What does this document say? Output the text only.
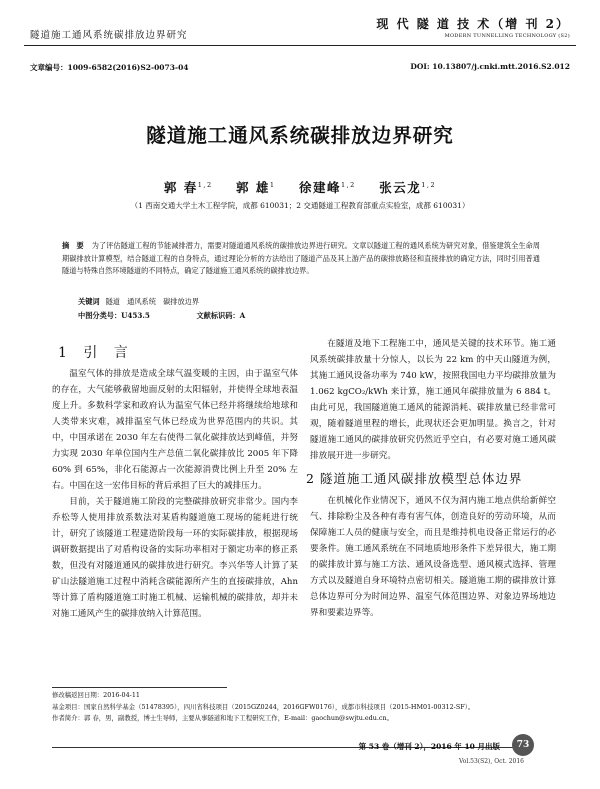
隧道施工通风系统碳排放边界研究
现 代 隧 道 技 术（增 刊 2）
MODERN TUNNELLING TECHNOLOGY (S2)
文章编号：1009-6582(2016)S2-0073-04	DOI: 10.13807/j.cnki.mtt.2016.S2.012
隧道施工通风系统碳排放边界研究
郭 春$^{1,2}$ 郭 雄$^1$ 徐建峰$^{1,2}$ 张云龙$^{1,2}$
（1 西南交通大学土木工程学院，成都 610031；2 交通隧道工程教育部重点实验室，成都 610031）
摘　要 为了评估隧道工程的节能减排潜力，需要对隧道通风系统的碳排放边界进行研究。文章以隧道工程的通风系统为研究对象，借鉴建筑全生命周期碳排放计算模型，结合隧道工程的自身特点，通过理论分析的方法给出了隧道产品及其上游产品的碳排放路径和直接排放的确定方法，同时引用普通隧道与特殊自然环境隧道的不同特点，确定了隧道施工通风系统的碳排放边界。
关键词 隧道　通风系统　碳排放边界
中图分类号：U453.5	文献标识码：A
1 引 言

温室气体的排放是造成全球气温变暖的主因，由于温室气体的存在，大气能够截留地面反射的太阳辐射，并使得全球地表温度上升。多数科学家和政府认为温室气体已经并将继续给地球和人类带来灾难，减排温室气体已经成为世界范围内的共识。其中，中国承诺在 2030 年左右使得二氧化碳排放达到峰值，并努力实现 2030 年单位国内生产总值二氧化碳排放比 2005 年下降 60% 到 65%，非化石能源占一次能源消费比例上升至 20% 左右。中国在这一宏伟目标的背后承担了巨大的减排压力。

目前，关于隧道施工阶段的完整碳排放研究非常少。国内李乔松等人使用排放系数法对某盾构隧道施工现场的能耗进行统计，研究了该隧道工程建造阶段每一环的实际碳排放，根据现场调研数据提出了对盾构设备的实际功率相对于额定功率的修正系数，但没有对隧道通风的碳排放进行研究。李兴华等人计算了某矿山法隧道施工过程中消耗含碳能源所产生的直接碳排放，Ahn 等计算了盾构隧道施工时施工机械、运输机械的碳排放，却并未对施工通风产生的碳排放纳入计算范围。

在隧道及地下工程施工中，通风是关键的技术环节。施工通风系统碳排放量十分惊人，以长为 22 km 的中天山隧道为例，其施工通风设备功率为 740 kW，按照我国电力平均碳排放量为 1.062 kgCO₂/kWh 来计算，施工通风年碳排放量为 6 884 t。由此可见，我国隧道施工通风的能源消耗、碳排放量已经非常可观，随着隧道里程的增长，此现状还会更加明显。换言之，针对隧道施工通风的碳排放研究仍然近乎空白，有必要对施工通风碳排放展开进一步研究。

2 隧道施工通风碳排放模型总体边界

在机械化作业情况下，通风不仅为洞内施工地点供给新鲜空气、排除粉尘及各种有毒有害气体，创造良好的劳动环境，从而保障施工人员的健康与安全，而且是维持机电设备正常运行的必要条件。施工通风系统在不同地质地形条件下差异很大，施工期的碳排放计算与施工方法、通风设备选型、通风模式选择、管理方式以及隧道自身环境特点密切相关。隧道施工期的碳排放计算总体边界可分为时间边界、温室气体范围边界、对象边界场地边界和要素边界等。

修改稿返回日期：2016-04-11
基金项目：国家自然科学基金（51478395），四川省科技项目（2015GZ0244，2016GFW0176），成都市科技项目（2015-HM01-00312-SF）。
作者简介：郭 春，男，副教授，博士生导师，主要从事隧道和地下工程研究工作，E-mail：gaochun@swjtu.edu.cn。
第 53 卷（增刊 2），2016 年 10 月出版	73
Vol.53(S2), Oct. 2016
